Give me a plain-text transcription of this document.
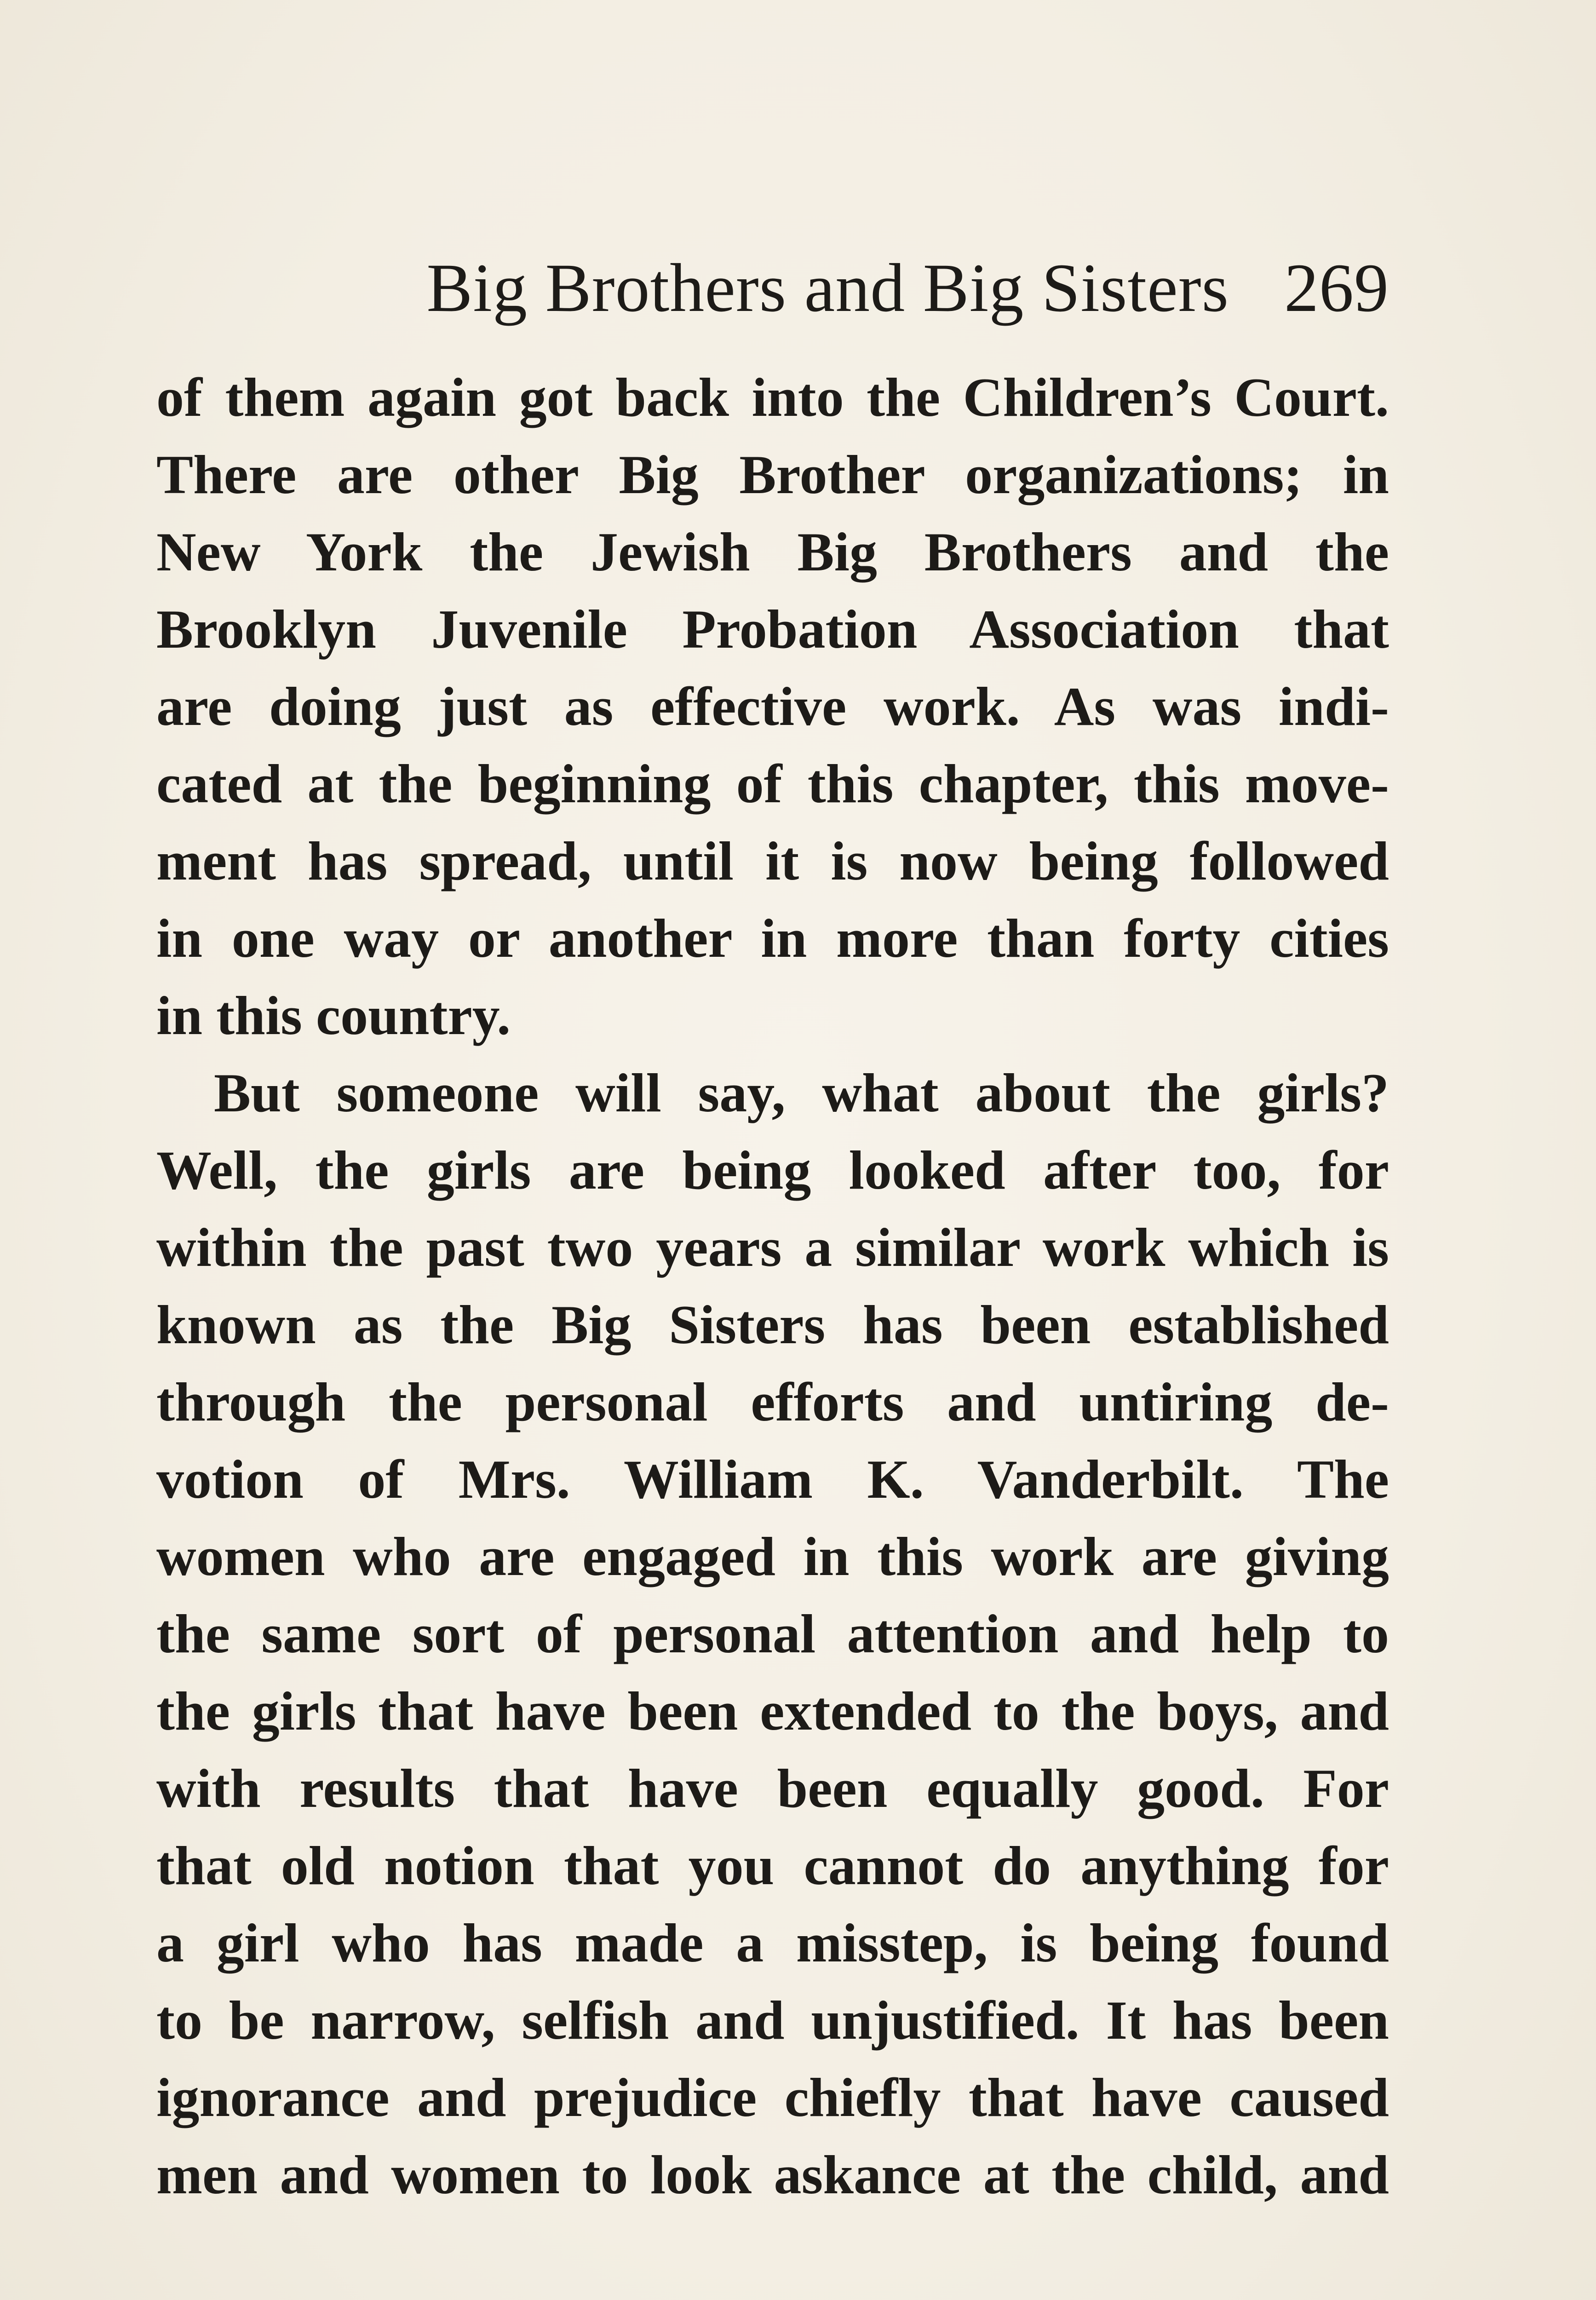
Big Brothers and Big Sisters 269
of them again got back into the Children’s Court.
There are other Big Brother organizations; in
New York the Jewish Big Brothers and the
Brooklyn Juvenile Probation Association that
are doing just as effective work. As was indi-
cated at the beginning of this chapter, this move-
ment has spread, until it is now being followed
in one way or another in more than forty cities
in this country.
But someone will say, what about the girls?
Well, the girls are being looked after too, for
within the past two years a similar work which is
known as the Big Sisters has been established
through the personal efforts and untiring de-
votion of Mrs. William K. Vanderbilt. The
women who are engaged in this work are giving
the same sort of personal attention and help to
the girls that have been extended to the boys, and
with results that have been equally good. For
that old notion that you cannot do anything for
a girl who has made a misstep, is being found
to be narrow, selfish and unjustified. It has been
ignorance and prejudice chiefly that have caused
men and women to look askance at the child, and
